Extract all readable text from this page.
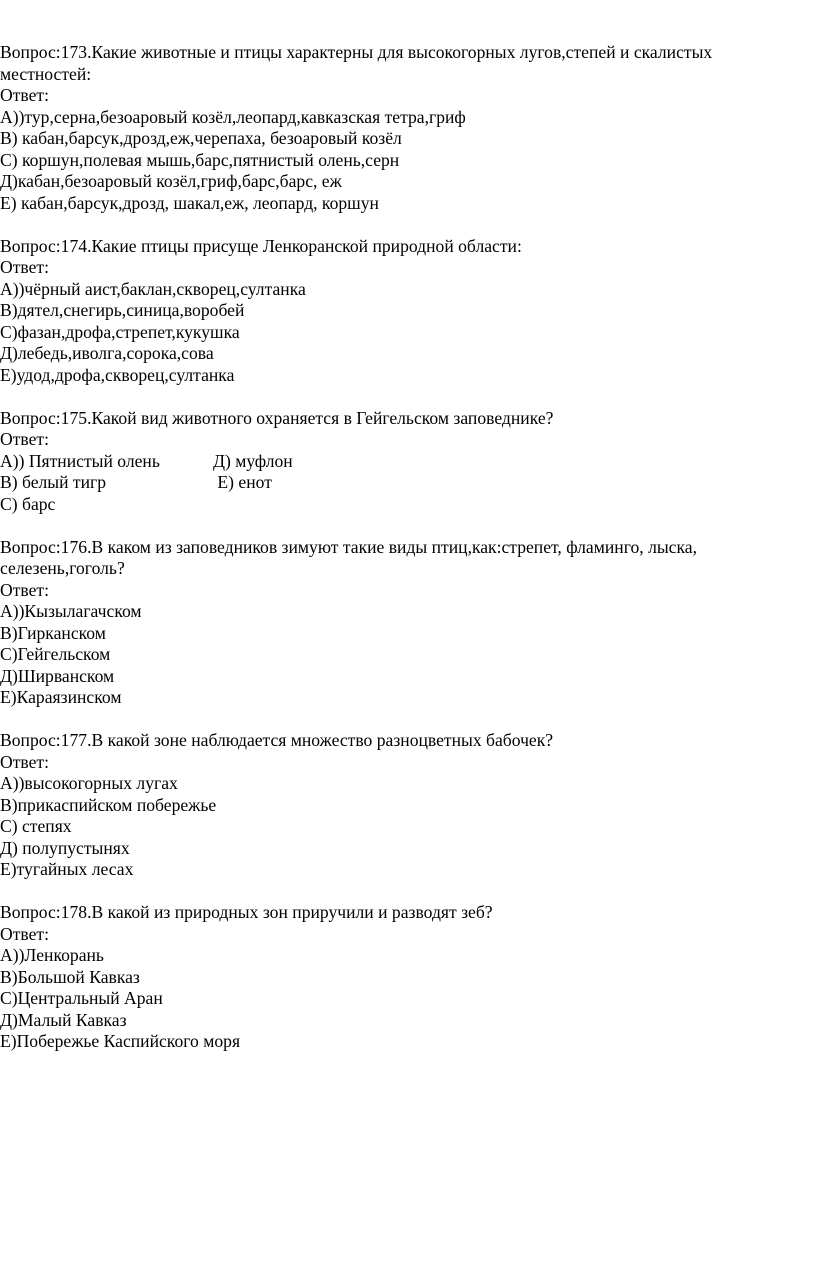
Вопрос:173.Какие животные и птицы характерны для высокогорных лугов,степей и скалистых местностей:
Ответ:
A))тур,серна,безоаровый козёл,леопард,кавказская тетра,гриф
B) кабан,барсук,дрозд,еж,черепаха, безоаровый козёл
C) коршун,полевая мышь,барс,пятнистый олень,серн
Д)кабан,безоаровый козёл,гриф,барс,барс, еж
E) кабан,барсук,дрозд, шакал,еж, леопард, коршун
Вопрос:174.Какие птицы присуще Ленкоранской природной области:
Ответ:
A))чёрный аист,баклан,скворец,султанка
B)дятел,снегирь,синица,воробей
C)фазан,дрофа,стрепет,кукушка
Д)лебедь,иволга,сорока,сова
E)удод,дрофа,скворец,султанка
Вопрос:175.Какой вид животного охраняется в Гейгельском заповеднике?
Ответ:
A)) Пятнистый олень	Д) муфлон
B) белый тигр	E) енот
C) барс
Вопрос:176.В каком из заповедников зимуют такие виды птиц,как:стрепет, фламинго, лыска, селезень,гоголь?
Ответ:
A))Кызылагачском
B)Гирканском
C)Гейгельском
Д)Ширванском
E)Караязинском
Вопрос:177.В какой зоне наблюдается множество разноцветных бабочек?
Ответ:
A))высокогорных лугах
B)прикаспийском побережье
C) степях
Д) полупустынях
E)тугайных лесах
Вопрос:178.В какой из природных зон приручили и разводят зеб?
Ответ:
A))Ленкорань
B)Большой Кавказ
C)Центральный Аран
Д)Малый Кавказ
E)Побережье Каспийского моря
